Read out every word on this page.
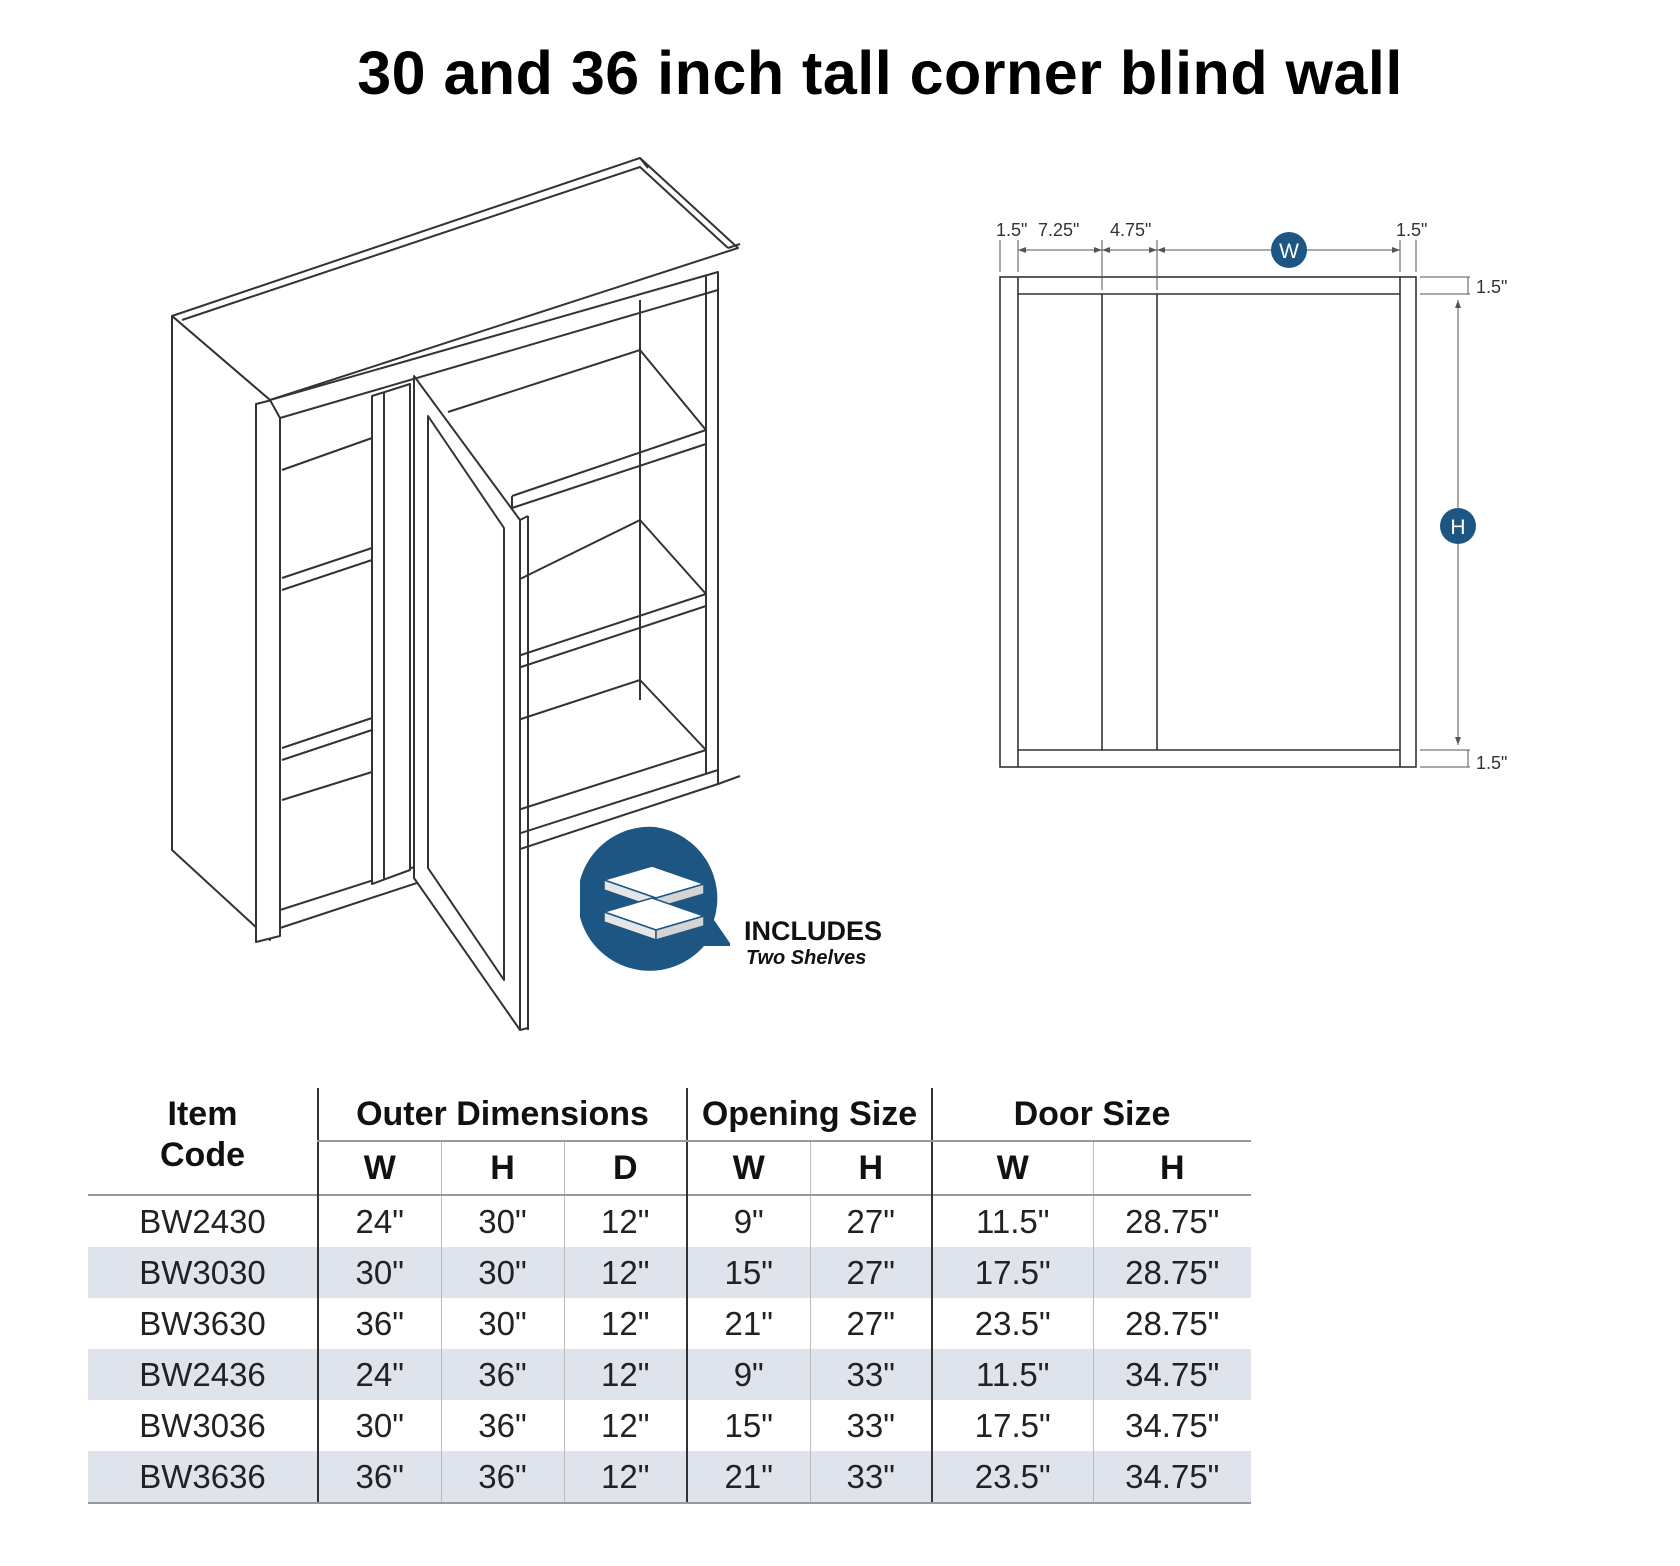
30 and 36 inch tall corner blind wall
INCLUDES
Two Shelves
1.5" 7.25" 4.75"	1.5"
1.5"
1.5"
W
H
Item
Code	Outer Dimensions			Opening Size		Door Size	
	W	H	D	W	H	W	H
BW2430	24"	30"	12"	9"	27"	11.5"	28.75"
BW3030	30"	30"	12"	15"	27"	17.5"	28.75"
BW3630	36"	30"	12"	21"	27"	23.5"	28.75"
BW2436	24"	36"	12"	9"	33"	11.5"	34.75"
BW3036	30"	36"	12"	15"	33"	17.5"	34.75"
BW3636	36"	36"	12"	21"	33"	23.5"	34.75"
